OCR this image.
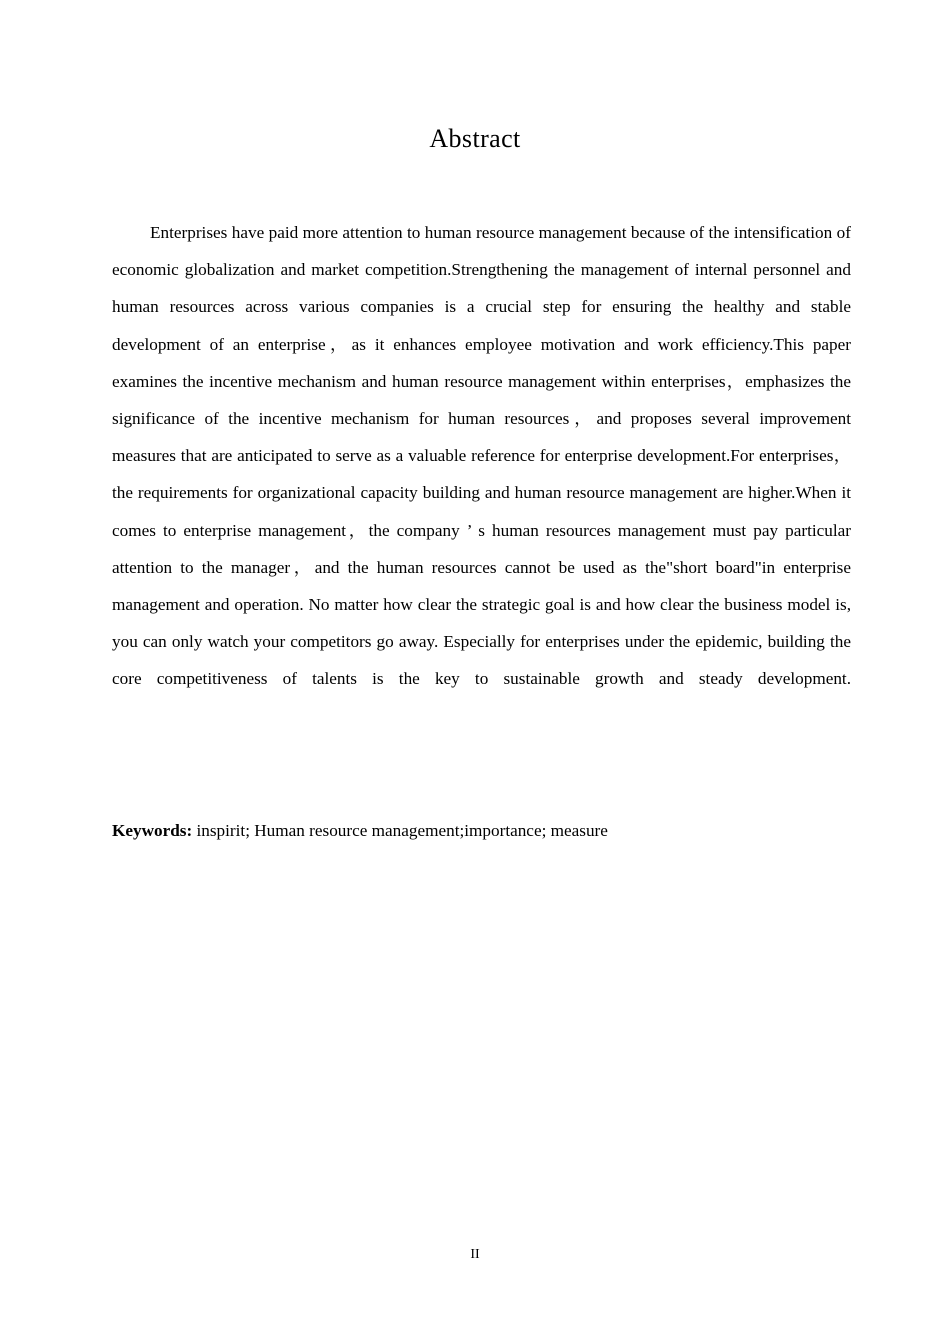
Abstract

Enterprises have paid more attention to human resource management because of the intensification of economic globalization and market competition.Strengthening the management of internal personnel and human resources across various companies is a crucial step for ensuring the healthy and stable development of an enterprise，as it enhances employee motivation and work efficiency.This paper examines the incentive mechanism and human resource management within enterprises，emphasizes the significance of the incentive mechanism for human resources，and proposes several improvement measures that are anticipated to serve as a valuable reference for enterprise development.For enterprises，the requirements for organizational capacity building and human resource management are higher.When it comes to enterprise management，the company ’ s human resources management must pay particular attention to the manager，and the human resources cannot be used as the"short board"in enterprise management and operation. No matter how clear the strategic goal is and how clear the business model is, you can only watch your competitors go away. Especially for enterprises under the epidemic, building the core competitiveness of talents is the key to sustainable growth and steady development.

Keywords: inspirit; Human resource management;importance; measure
II
